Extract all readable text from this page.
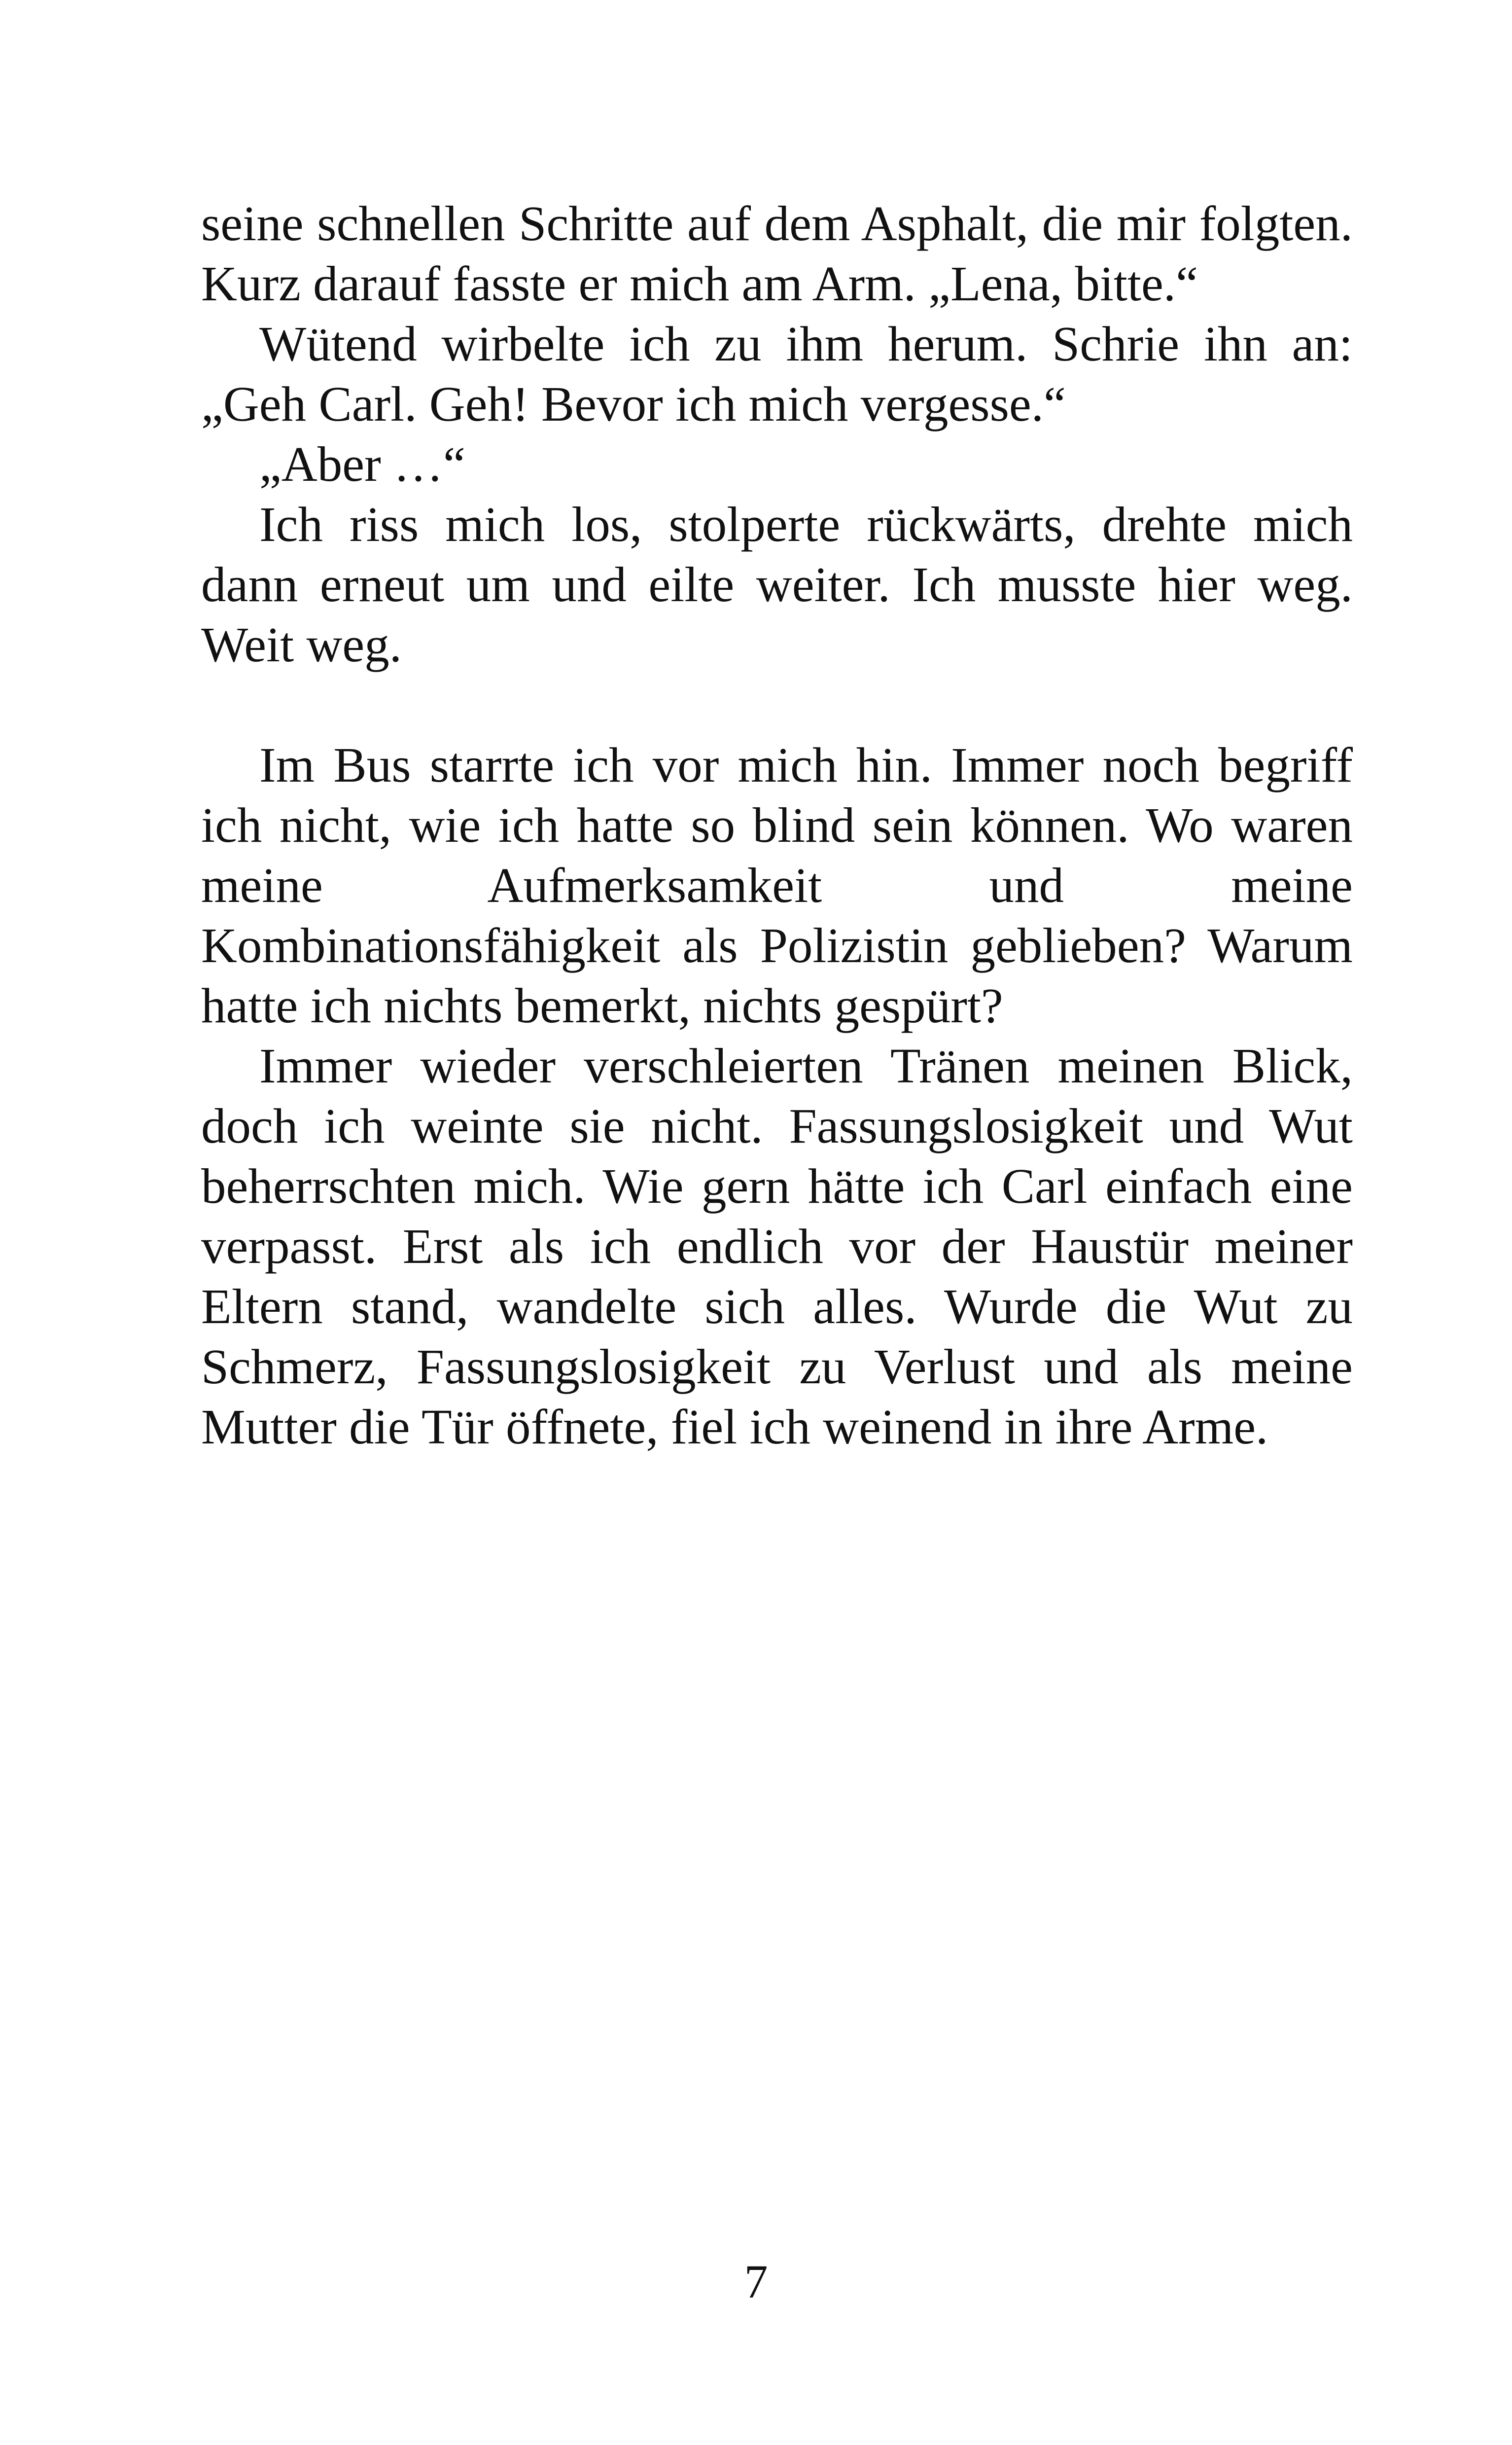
seine schnellen Schritte auf dem Asphalt, die mir folgten. Kurz darauf fasste er mich am Arm. „Lena, bitte.“

Wütend wirbelte ich zu ihm herum. Schrie ihn an: „Geh Carl. Geh! Bevor ich mich vergesse.“

„Aber …“

Ich riss mich los, stolperte rückwärts, drehte mich dann erneut um und eilte weiter. Ich musste hier weg. Weit weg.

Im Bus starrte ich vor mich hin. Immer noch begriff ich nicht, wie ich hatte so blind sein können. Wo waren meine Aufmerksamkeit und meine Kombinationsfähigkeit als Polizistin geblieben? Warum hatte ich nichts bemerkt, nichts gespürt?

Immer wieder verschleierten Tränen meinen Blick, doch ich weinte sie nicht. Fassungslosigkeit und Wut beherrschten mich. Wie gern hätte ich Carl einfach eine verpasst. Erst als ich endlich vor der Haustür meiner Eltern stand, wandelte sich alles. Wurde die Wut zu Schmerz, Fassungslosigkeit zu Verlust und als meine Mutter die Tür öffnete, fiel ich weinend in ihre Arme.

7
